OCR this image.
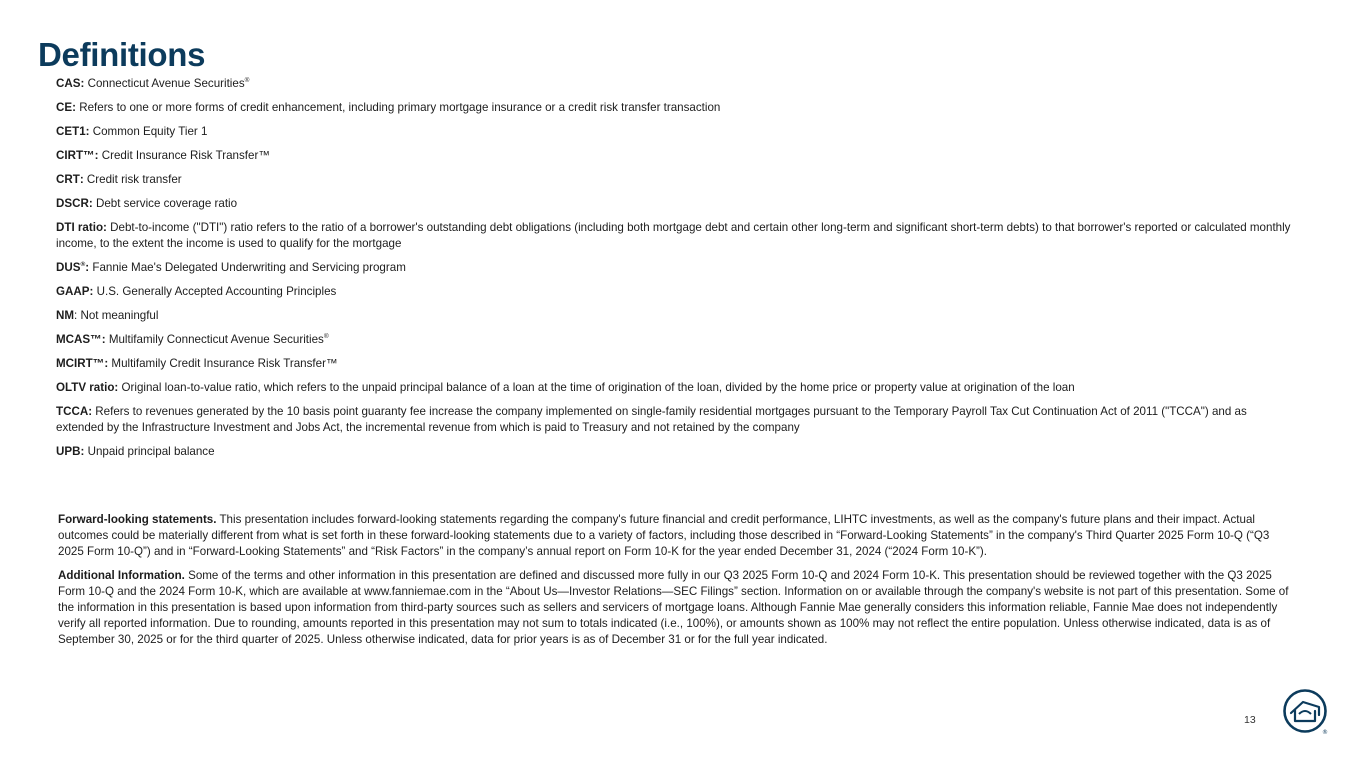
Definitions

CAS: Connecticut Avenue Securities®

CE: Refers to one or more forms of credit enhancement, including primary mortgage insurance or a credit risk transfer transaction

CET1: Common Equity Tier 1

CIRT™: Credit Insurance Risk Transfer™

CRT: Credit risk transfer

DSCR: Debt service coverage ratio

DTI ratio: Debt-to-income ("DTI") ratio refers to the ratio of a borrower's outstanding debt obligations (including both mortgage debt and certain other long-term and significant short-term debts) to that borrower's reported or calculated monthly income, to the extent the income is used to qualify for the mortgage

DUS®: Fannie Mae's Delegated Underwriting and Servicing program

GAAP: U.S. Generally Accepted Accounting Principles

NM: Not meaningful

MCAS™: Multifamily Connecticut Avenue Securities®

MCIRT™: Multifamily Credit Insurance Risk Transfer™

OLTV ratio: Original loan-to-value ratio, which refers to the unpaid principal balance of a loan at the time of origination of the loan, divided by the home price or property value at origination of the loan

TCCA: Refers to revenues generated by the 10 basis point guaranty fee increase the company implemented on single-family residential mortgages pursuant to the Temporary Payroll Tax Cut Continuation Act of 2011 ("TCCA") and as extended by the Infrastructure Investment and Jobs Act, the incremental revenue from which is paid to Treasury and not retained by the company

UPB: Unpaid principal balance

Forward-looking statements. This presentation includes forward-looking statements regarding the company's future financial and credit performance, LIHTC investments, as well as the company's future plans and their impact. Actual outcomes could be materially different from what is set forth in these forward-looking statements due to a variety of factors, including those described in “Forward-Looking Statements” in the company's Third Quarter 2025 Form 10-Q (“Q3 2025 Form 10-Q”) and in “Forward-Looking Statements” and “Risk Factors” in the company’s annual report on Form 10-K for the year ended December 31, 2024 (“2024 Form 10-K”).

Additional Information. Some of the terms and other information in this presentation are defined and discussed more fully in our Q3 2025 Form 10-Q and 2024 Form 10-K. This presentation should be reviewed together with the Q3 2025 Form 10-Q and the 2024 Form 10-K, which are available at www.fanniemae.com in the “About Us—Investor Relations—SEC Filings” section. Information on or available through the company's website is not part of this presentation. Some of the information in this presentation is based upon information from third-party sources such as sellers and servicers of mortgage loans. Although Fannie Mae generally considers this information reliable, Fannie Mae does not independently verify all reported information. Due to rounding, amounts reported in this presentation may not sum to totals indicated (i.e., 100%), or amounts shown as 100% may not reflect the entire population. Unless otherwise indicated, data is as of September 30, 2025 or for the third quarter of 2025. Unless otherwise indicated, data for prior years is as of December 31 or for the full year indicated.

13
®
